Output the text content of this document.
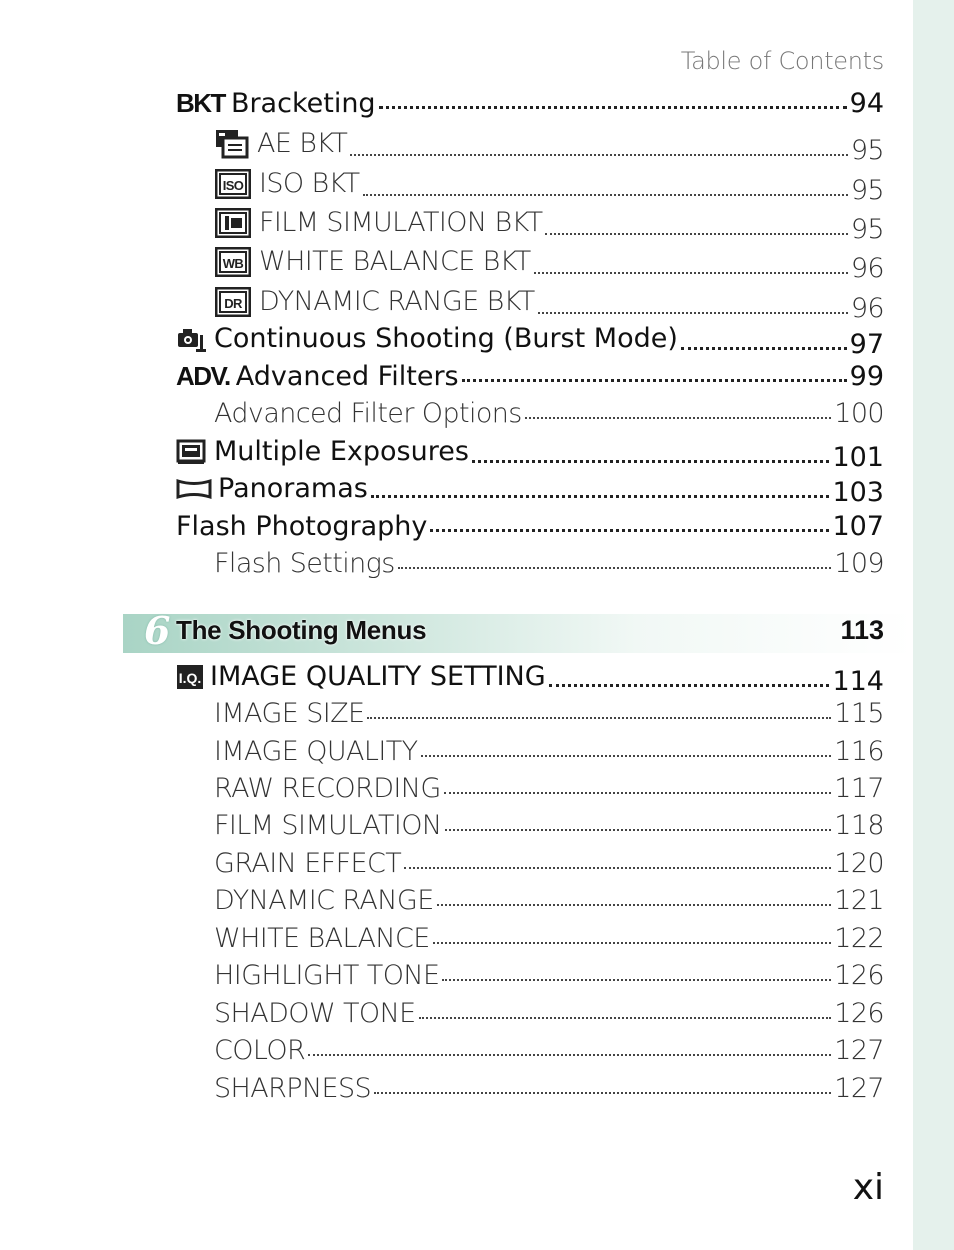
Table of Contents
BKT Bracketing	94
AE BKT	95
ISO ISO BKT	95
FILM SIMULATION BKT	95
WB WHITE BALANCE BKT	96
DR DYNAMIC RANGE BKT	96
Continuous Shooting (Burst Mode)	97
ADV. Advanced Filters	99
Advanced Filter Options	100
Multiple Exposures	101
Panoramas	103
Flash Photography	107
Flash Settings	109
6 The Shooting Menus	113
I.Q. IMAGE QUALITY SETTING	114
IMAGE SIZE	115
IMAGE QUALITY	116
RAW RECORDING	117
FILM SIMULATION	118
GRAIN EFFECT	120
DYNAMIC RANGE	121
WHITE BALANCE	122
HIGHLIGHT TONE	126
SHADOW TONE	126
COLOR	127
SHARPNESS	127
xi
